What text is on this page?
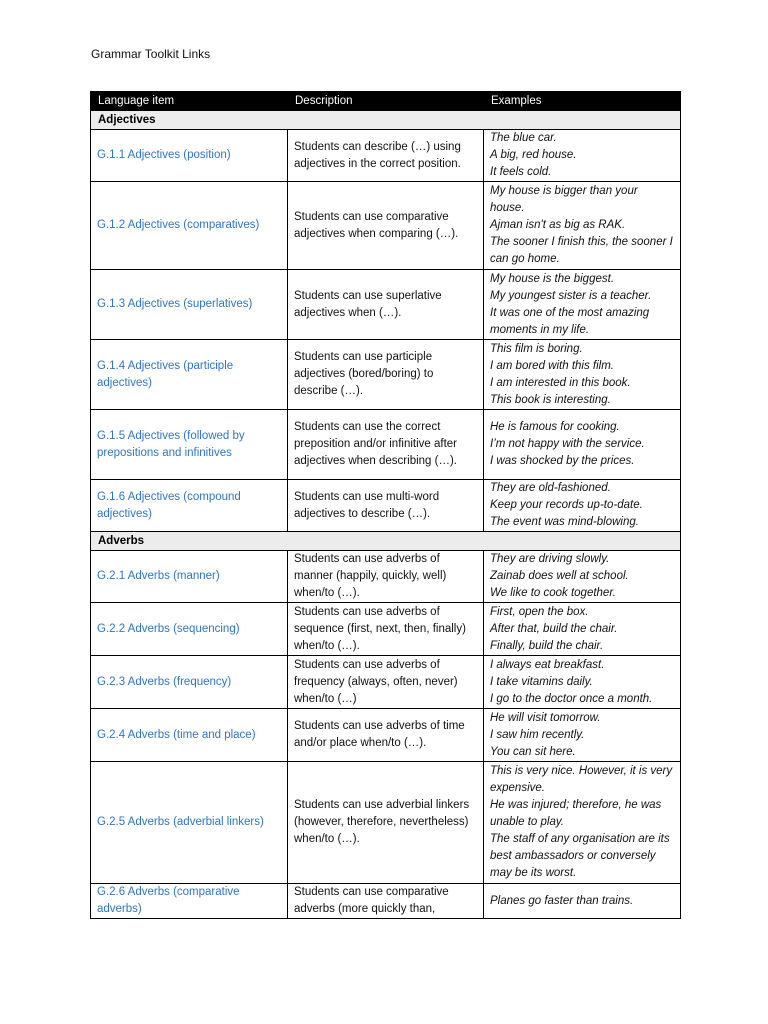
Grammar Toolkit Links
Language item	Description	Examples
Adjectives		
G.1.1 Adjectives (position)	Students can describe (…) using adjectives in the correct position.	The blue car.
A big, red house.
It feels cold.

G.1.2 Adjectives (comparatives)	Students can use comparative adjectives when comparing (…).	My house is bigger than your house.
Ajman isn't as big as RAK.
The sooner I finish this, the sooner I can go home.

G.1.3 Adjectives (superlatives)	Students can use superlative adjectives when (…).	My house is the biggest.
My youngest sister is a teacher.
It was one of the most amazing moments in my life.

G.1.4 Adjectives (participle adjectives)	Students can use participle adjectives (bored/boring) to describe (…).	This film is boring.
I am bored with this film.
I am interested in this book.
This book is interesting.

G.1.5 Adjectives (followed by prepositions and infinitives	Students can use the correct preposition and/or infinitive after adjectives when describing (…).	He is famous for cooking.
I’m not happy with the service.
I was shocked by the prices.

G.1.6 Adjectives (compound adjectives)	Students can use multi-word adjectives to describe (…).	They are old-fashioned.
Keep your records up-to-date.
The event was mind-blowing.

Adverbs		
G.2.1 Adverbs (manner)	Students can use adverbs of manner (happily, quickly, well) when/to (…).	They are driving slowly.
Zainab does well at school.
We like to cook together.

G.2.2 Adverbs (sequencing)	Students can use adverbs of sequence (first, next, then, finally) when/to (…).	First, open the box.
After that, build the chair.
Finally, build the chair.

G.2.3 Adverbs (frequency)	Students can use adverbs of frequency (always, often, never) when/to (…)	I always eat breakfast.
I take vitamins daily.
I go to the doctor once a month.

G.2.4 Adverbs (time and place)	Students can use adverbs of time and/or place when/to (…).	He will visit tomorrow.
I saw him recently.
You can sit here.

G.2.5 Adverbs (adverbial linkers)	Students can use adverbial linkers (however, therefore, nevertheless) when/to (…).	This is very nice. However, it is very expensive.
He was injured; therefore, he was unable to play.
The staff of any organisation are its best ambassadors or conversely may be its worst.

G.2.6 Adverbs (comparative adverbs)	Students can use comparative adverbs (more quickly than,	Planes go faster than trains.
